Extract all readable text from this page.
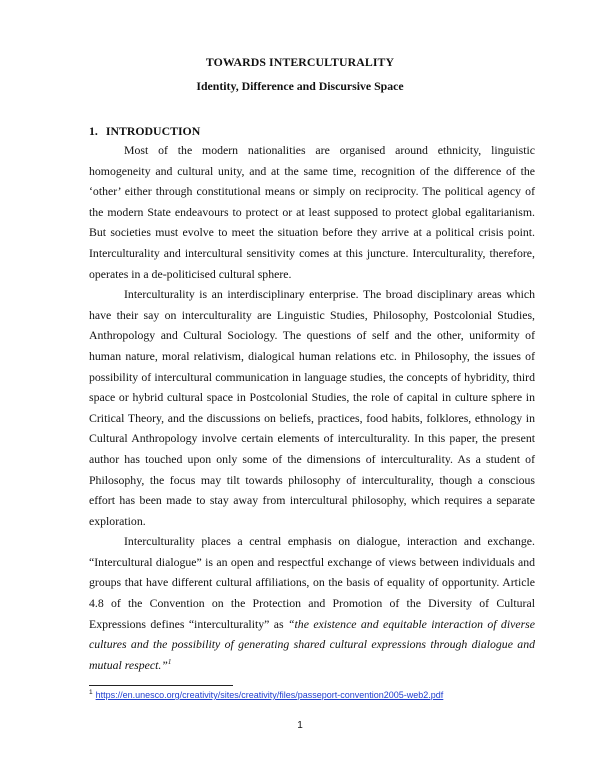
TOWARDS INTERCULTURALITY
Identity, Difference and Discursive Space
1. INTRODUCTION

Most of the modern nationalities are organised around ethnicity, linguistic homogeneity and cultural unity, and at the same time, recognition of the difference of the ‘other’ either through constitutional means or simply on reciprocity. The political agency of the modern State endeavours to protect or at least supposed to protect global egalitarianism. But societies must evolve to meet the situation before they arrive at a political crisis point. Interculturality and intercultural sensitivity comes at this juncture. Interculturality, therefore, operates in a de-politicised cultural sphere.

Interculturality is an interdisciplinary enterprise. The broad disciplinary areas which have their say on interculturality are Linguistic Studies, Philosophy, Postcolonial Studies, Anthropology and Cultural Sociology. The questions of self and the other, uniformity of human nature, moral relativism, dialogical human relations etc. in Philosophy, the issues of possibility of intercultural communication in language studies, the concepts of hybridity, third space or hybrid cultural space in Postcolonial Studies, the role of capital in culture sphere in Critical Theory, and the discussions on beliefs, practices, food habits, folklores, ethnology in Cultural Anthropology involve certain elements of interculturality. In this paper, the present author has touched upon only some of the dimensions of interculturality. As a student of Philosophy, the focus may tilt towards philosophy of interculturality, though a conscious effort has been made to stay away from intercultural philosophy, which requires a separate exploration.

Interculturality places a central emphasis on dialogue, interaction and exchange. “Intercultural dialogue” is an open and respectful exchange of views between individuals and groups that have different cultural affiliations, on the basis of equality of opportunity. Article 4.8 of the Convention on the Protection and Promotion of the Diversity of Cultural Expressions defines “interculturality” as “the existence and equitable interaction of diverse cultures and the possibility of generating shared cultural expressions through dialogue and mutual respect.”$^1$

$^1$ https://en.unesco.org/creativity/sites/creativity/files/passeport-convention2005-web2.pdf
1
